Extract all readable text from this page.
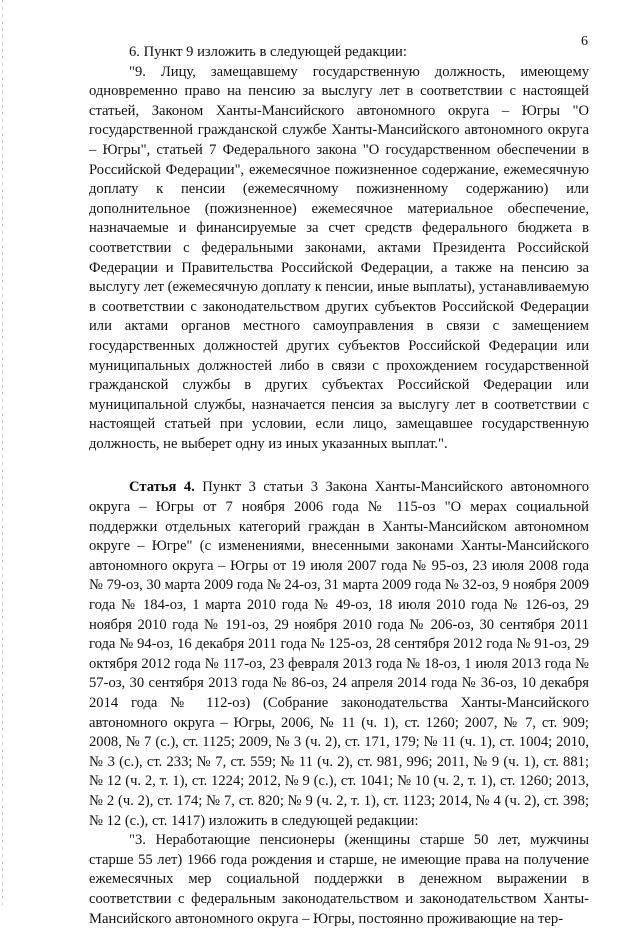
6

6. Пункт 9 изложить в следующей редакции:

"9. Лицу, замещавшему государственную должность, имеющему одновременно право на пенсию за выслугу лет в соответствии с настоящей статьей, Законом Ханты-Мансийского автономного округа – Югры "О государственной гражданской службе Ханты-Мансийского автономного округа – Югры", статьей 7 Федерального закона "О государственном обеспечении в Российской Федерации", ежемесячное пожизненное содержание, ежемесячную доплату к пенсии (ежемесячному пожизненному содержанию) или дополнительное (пожизненное) ежемесячное материальное обеспечение, назначаемые и финансируемые за счет средств федерального бюджета в соответствии с федеральными законами, актами Президента Российской Федерации и Правительства Российской Федерации, а также на пенсию за выслугу лет (ежемесячную доплату к пенсии, иные выплаты), устанавливаемую в соответствии с законодательством других субъектов Российской Федерации или актами органов местного самоуправления в связи с замещением государственных должностей других субъектов Российской Федерации или муниципальных должностей либо в связи с прохождением государственной гражданской службы в других субъектах Российской Федерации или муниципальной службы, назначается пенсия за выслугу лет в соответствии с настоящей статьей при условии, если лицо, замещавшее государственную должность, не выберет одну из иных указанных выплат.".

Статья 4. Пункт 3 статьи 3 Закона Ханты-Мансийского автономного округа – Югры от 7 ноября 2006 года № 115-оз "О мерах социальной поддержки отдельных категорий граждан в Ханты-Мансийском автономном округе – Югре" (с изменениями, внесенными законами Ханты-Мансийского автономного округа – Югры от 19 июля 2007 года № 95-оз, 23 июля 2008 года № 79-оз, 30 марта 2009 года № 24-оз, 31 марта 2009 года № 32-оз, 9 ноября 2009 года № 184-оз, 1 марта 2010 года № 49-оз, 18 июля 2010 года № 126-оз, 29 ноября 2010 года № 191-оз, 29 ноября 2010 года № 206-оз, 30 сентября 2011 года № 94-оз, 16 декабря 2011 года № 125-оз, 28 сентября 2012 года № 91-оз, 29 октября 2012 года № 117-оз, 23 февраля 2013 года № 18-оз, 1 июля 2013 года № 57-оз, 30 сентября 2013 года № 86-оз, 24 апреля 2014 года № 36-оз, 10 декабря 2014 года № 112-оз) (Собрание законодательства Ханты-Мансийского автономного округа – Югры, 2006, № 11 (ч. 1), ст. 1260; 2007, № 7, ст. 909; 2008, № 7 (с.), ст. 1125; 2009, № 3 (ч. 2), ст. 171, 179; № 11 (ч. 1), ст. 1004; 2010, № 3 (с.), ст. 233; № 7, ст. 559; № 11 (ч. 2), ст. 981, 996; 2011, № 9 (ч. 1), ст. 881; № 12 (ч. 2, т. 1), ст. 1224; 2012, № 9 (с.), ст. 1041; № 10 (ч. 2, т. 1), ст. 1260; 2013, № 2 (ч. 2), ст. 174; № 7, ст. 820; № 9 (ч. 2, т. 1), ст. 1123; 2014, № 4 (ч. 2), ст. 398; № 12 (с.), ст. 1417) изложить в следующей редакции:

"3. Неработающие пенсионеры (женщины старше 50 лет, мужчины старше 55 лет) 1966 года рождения и старше, не имеющие права на получение ежемесячных мер социальной поддержки в денежном выражении в соответствии с федеральным законодательством и законодательством Ханты-Мансийского автономного округа – Югры, постоянно проживающие на тер-
